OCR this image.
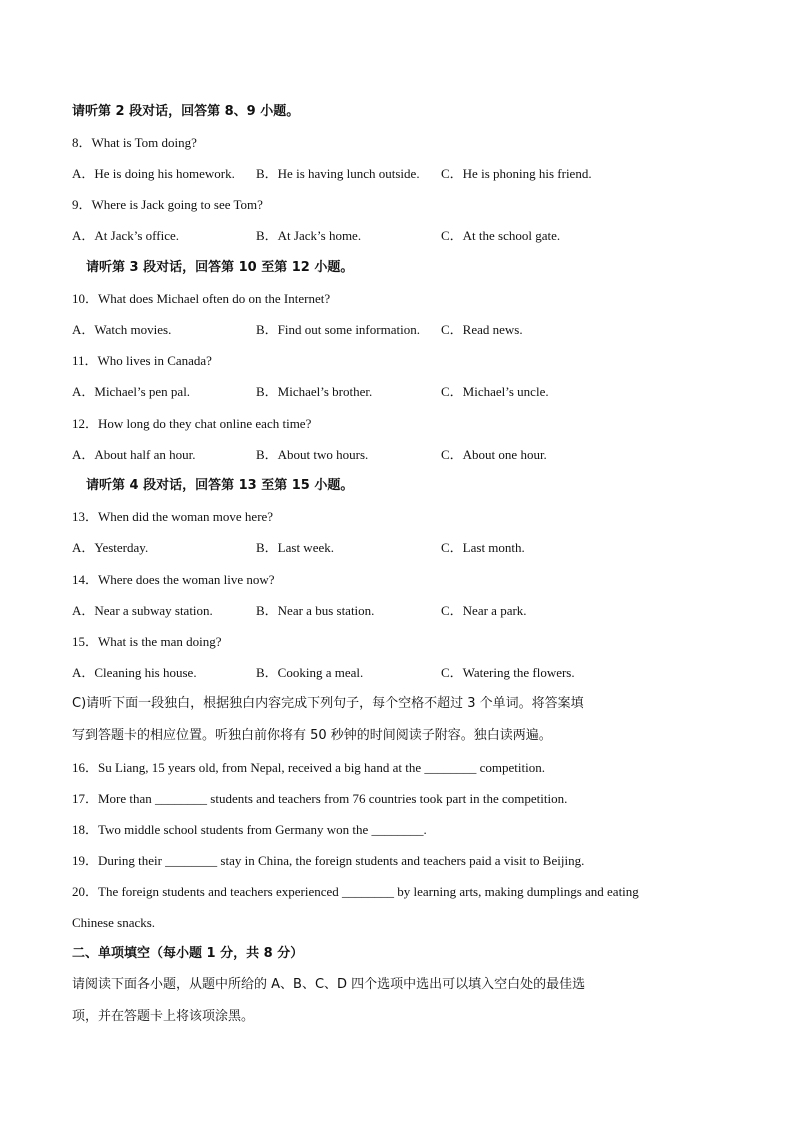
请听第 2 段对话，回答第 8、9 小题。
8．What is Tom doing?
A．He is doing his homework. B．He is having lunch outside. C．He is phoning his friend.
9．Where is Jack going to see Tom?
A．At Jack’s office.	B．At Jack’s home.	C．At the school gate.
请听第 3 段对话，回答第 10 至第 12 小题。
10．What does Michael often do on the Internet?
A．Watch movies.	B．Find out some information. C．Read news.
11．Who lives in Canada?
A．Michael’s pen pal.	B．Michael’s brother.	C．Michael’s uncle.
12．How long do they chat online each time?
A．About half an hour.	B．About two hours.	C．About one hour.
请听第 4 段对话，回答第 13 至第 15 小题。
13．When did the woman move here?
A．Yesterday.	B．Last week.	C．Last month.
14．Where does the woman live now?
A．Near a subway station.	B．Near a bus station.	C．Near a park.
15．What is the man doing?
A．Cleaning his house.	B．Cooking a meal.	C．Watering the flowers.
C)请听下面一段独白，根据独白内容完成下列句子，每个空格不超过 3 个单词。将答案填
写到答题卡的相应位置。听独白前你将有 50 秒钟的时间阅读子附容。独白读两遍。
16．Su Liang, 15 years old, from Nepal, received a big hand at the ________ competition.
17．More than ________ students and teachers from 76 countries took part in the competition.
18．Two middle school students from Germany won the ________.
19．During their ________ stay in China, the foreign students and teachers paid a visit to Beijing.
20．The foreign students and teachers experienced ________ by learning arts, making dumplings and eating
Chinese snacks.
二、单项填空（每小题 1 分，共 8 分）
请阅读下面各小题，从题中所给的 A、B、C、D 四个选项中选出可以填入空白处的最佳选
项，并在答题卡上将该项涂黑。
